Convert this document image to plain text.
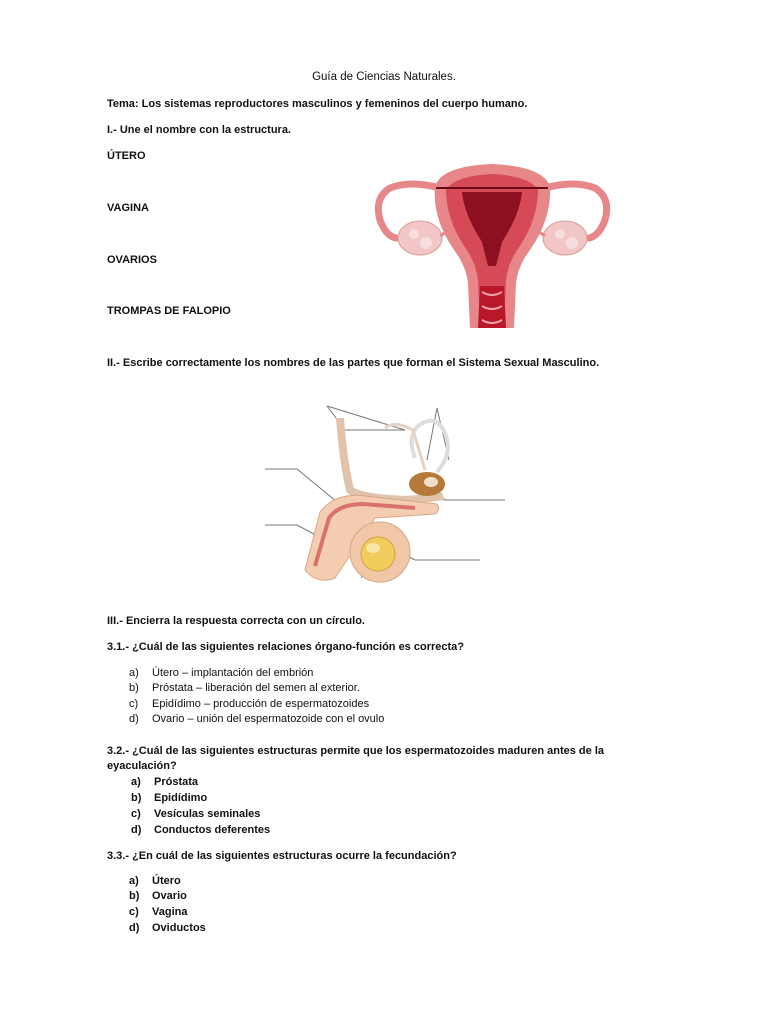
Guía de Ciencias Naturales.
Tema: Los sistemas reproductores masculinos y femeninos del cuerpo humano.
I.- Une el nombre con la estructura.
ÚTERO
VAGINA
OVARIOS
TROMPAS DE FALOPIO
II.- Escribe correctamente los nombres de las partes que forman el Sistema Sexual Masculino.
III.- Encierra la respuesta correcta con un círculo.
3.1.- ¿Cuál de las siguientes relaciones órgano-función es correcta?
a) Útero – implantación del embrión
b) Próstata – liberación del semen al exterior.
c) Epidídimo – producción de espermatozoides
d) Ovario – unión del espermatozoide con el ovulo
3.2.- ¿Cuál de las siguientes estructuras permite que los espermatozoides maduren antes de la
eyaculación?
a) Próstata
b) Epidídimo
c) Vesículas seminales
d) Conductos deferentes
3.3.- ¿En cuál de las siguientes estructuras ocurre la fecundación?
a) Útero
b) Ovario
c) Vagina
d) Oviductos
